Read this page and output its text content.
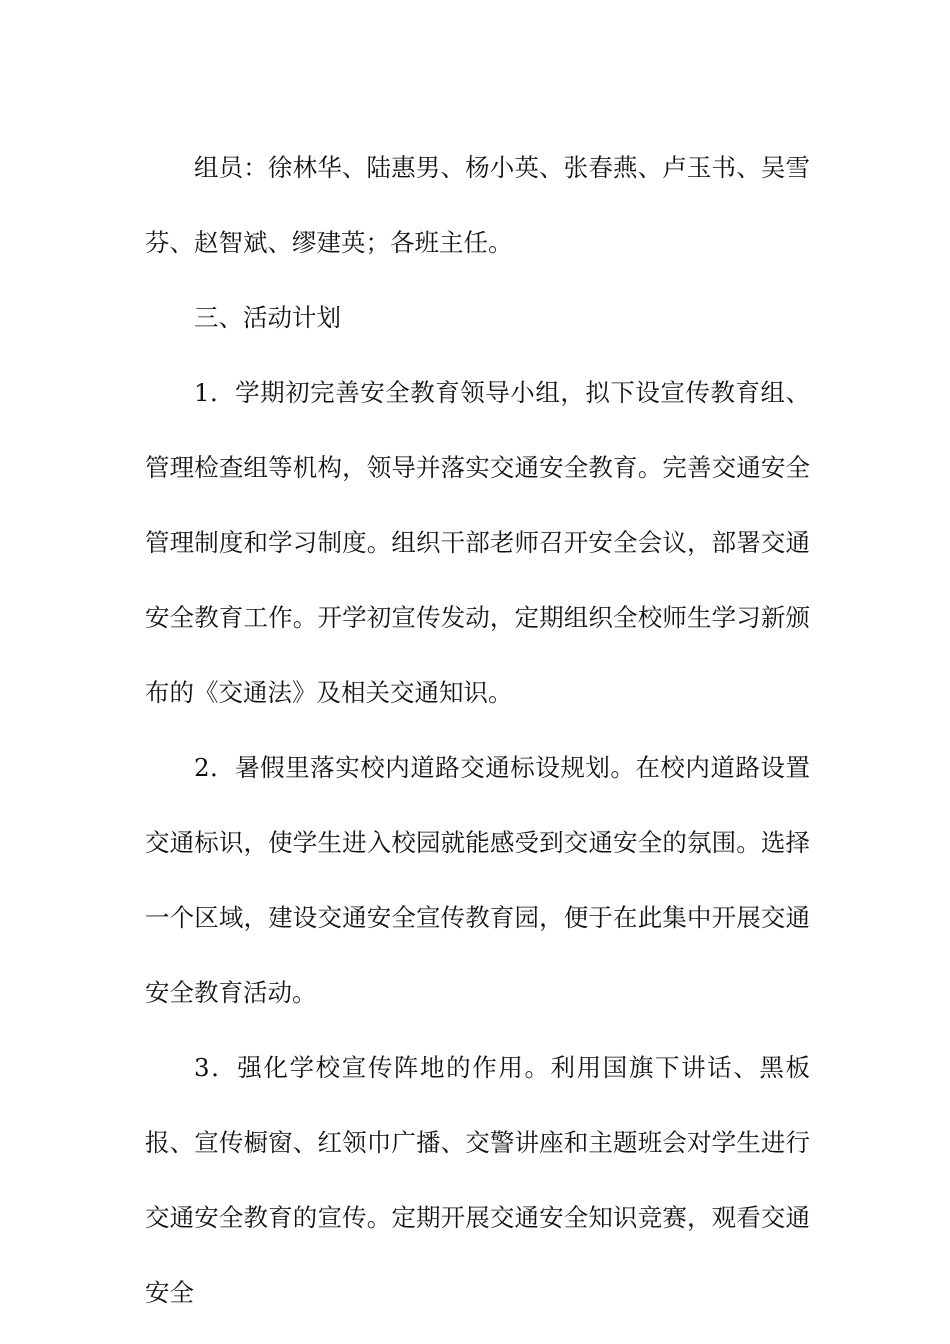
组员：徐林华、陆惠男、杨小英、张春燕、卢玉书、吴雪芬、赵智斌、缪建英；各班主任。

三、活动计划

1．学期初完善安全教育领导小组，拟下设宣传教育组、管理检查组等机构，领导并落实交通安全教育。完善交通安全管理制度和学习制度。组织干部老师召开安全会议，部署交通安全教育工作。开学初宣传发动，定期组织全校师生学习新颁布的《交通法》及相关交通知识。

2．暑假里落实校内道路交通标设规划。在校内道路设置交通标识，使学生进入校园就能感受到交通安全的氛围。选择一个区域，建设交通安全宣传教育园，便于在此集中开展交通安全教育活动。

3．强化学校宣传阵地的作用。利用国旗下讲话、黑板报、宣传橱窗、红领巾广播、交警讲座和主题班会对学生进行交通安全教育的宣传。定期开展交通安全知识竞赛，观看交通安全
